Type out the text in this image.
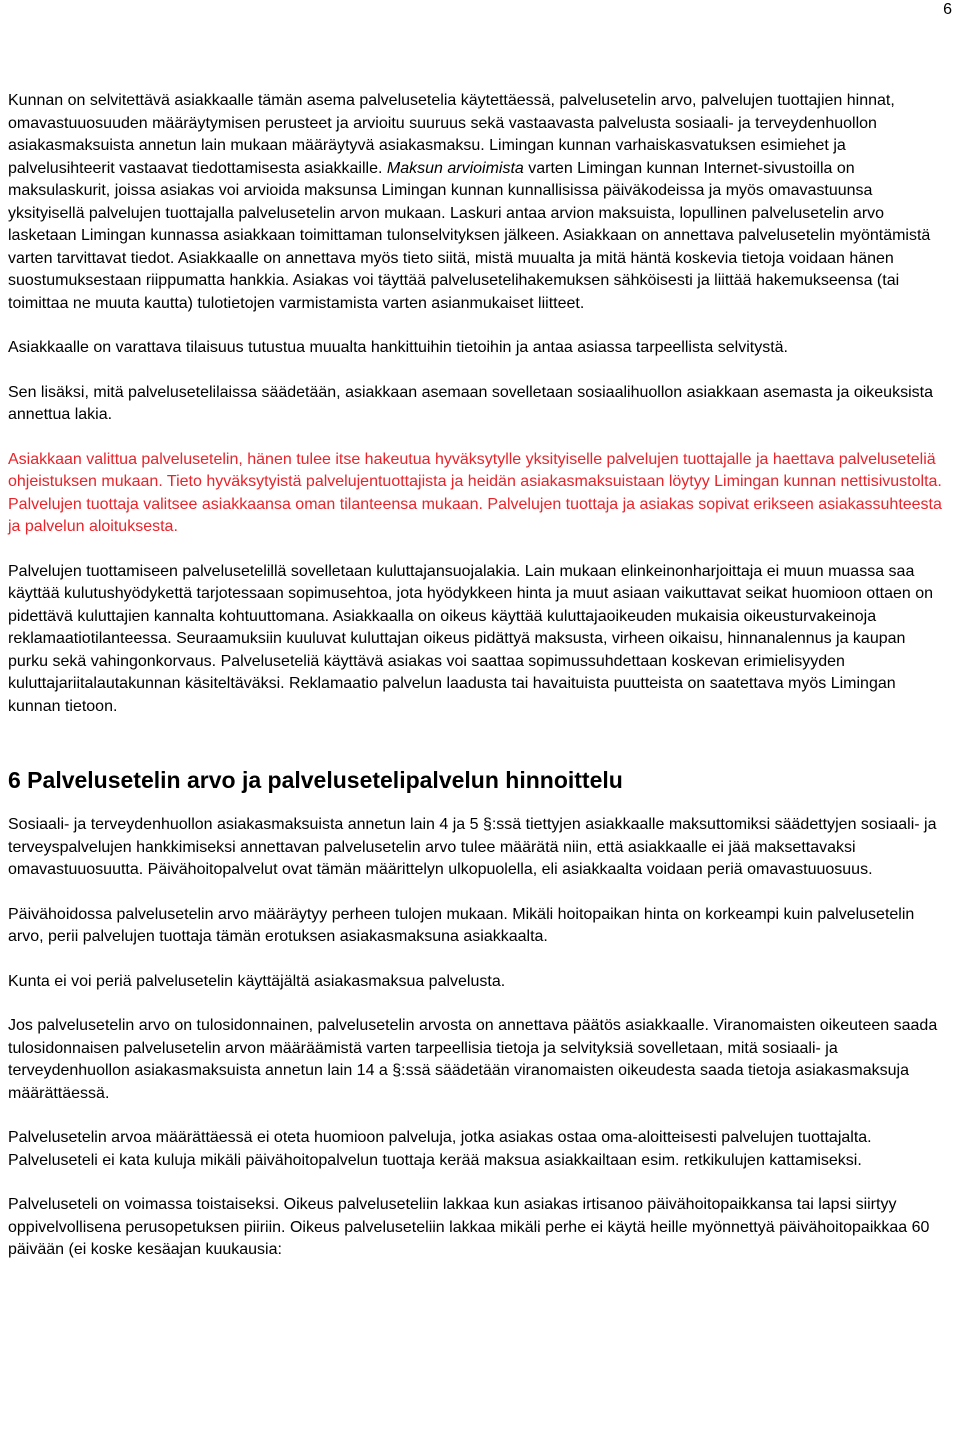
6

Kunnan on selvitettävä asiakkaalle tämän asema palvelusetelia käytettäessä, palvelusetelin arvo, palvelujen tuottajien hinnat, omavastuuosuuden määräytymisen perusteet ja arvioitu suuruus sekä vastaavasta palvelusta sosiaali- ja terveydenhuollon asiakasmaksuista annetun lain mukaan määräytyvä asiakasmaksu. Limingan kunnan varhaiskasvatuksen esimiehet ja palvelusihteerit vastaavat tiedottamisesta asiakkaille. Maksun arvioimista varten Limingan kunnan Internet-sivustoilla on maksulaskurit, joissa asiakas voi arvioida maksunsa Limingan kunnan kunnallisissa päiväkodeissa ja myös omavastuunsa yksityisellä palvelujen tuottajalla palvelusetelin arvon mukaan. Laskuri antaa arvion maksuista, lopullinen palvelusetelin arvo lasketaan Limingan kunnassa asiakkaan toimittaman tulonselvityksen jälkeen. Asiakkaan on annettava palvelusetelin myöntämistä varten tarvittavat tiedot. Asiakkaalle on annettava myös tieto siitä, mistä muualta ja mitä häntä koskevia tietoja voidaan hänen suostumuksestaan riippumatta hankkia. Asiakas voi täyttää palvelusetelihakemuksen sähköisesti ja liittää hakemukseensa (tai toimittaa ne muuta kautta) tulotietojen varmistamista varten asianmukaiset liitteet.

Asiakkaalle on varattava tilaisuus tutustua muualta hankittuihin tietoihin ja antaa asiassa tarpeellista selvitystä.

Sen lisäksi, mitä palvelusetelilaissa säädetään, asiakkaan asemaan sovelletaan sosiaalihuollon asiakkaan asemasta ja oikeuksista annettua lakia.

Asiakkaan valittua palvelusetelin, hänen tulee itse hakeutua hyväksytylle yksityiselle palvelujen tuottajalle ja haettava palveluseteliä ohjeistuksen mukaan. Tieto hyväksytyistä palvelujentuottajista ja heidän asiakasmaksuistaan löytyy Limingan kunnan nettisivustolta. Palvelujen tuottaja valitsee asiakkaansa oman tilanteensa mukaan. Palvelujen tuottaja ja asiakas sopivat erikseen asiakassuhteesta ja palvelun aloituksesta.

Palvelujen tuottamiseen palvelusetelillä sovelletaan kuluttajansuojalakia. Lain mukaan elinkeinonharjoittaja ei muun muassa saa käyttää kulutushyödykettä tarjotessaan sopimusehtoa, jota hyödykkeen hinta ja muut asiaan vaikuttavat seikat huomioon ottaen on pidettävä kuluttajien kannalta kohtuuttomana. Asiakkaalla on oikeus käyttää kuluttajaoikeuden mukaisia oikeusturvakeinoja reklamaatiotilanteessa. Seuraamuksiin kuuluvat kuluttajan oikeus pidättyä maksusta, virheen oikaisu, hinnanalennus ja kaupan purku sekä vahingonkorvaus. Palveluseteliä käyttävä asiakas voi saattaa sopimussuhdettaan koskevan erimielisyyden kuluttajariitalautakunnan käsiteltäväksi. Reklamaatio palvelun laadusta tai havaituista puutteista on saatettava myös Limingan kunnan tietoon.

6 Palvelusetelin arvo ja palvelusetelipalvelun hinnoittelu

Sosiaali- ja terveydenhuollon asiakasmaksuista annetun lain 4 ja 5 §:ssä tiettyjen asiakkaalle maksuttomiksi säädettyjen sosiaali- ja terveyspalvelujen hankkimiseksi annettavan palvelusetelin arvo tulee määrätä niin, että asiakkaalle ei jää maksettavaksi omavastuuosuutta. Päivähoitopalvelut ovat tämän määrittelyn ulkopuolella, eli asiakkaalta voidaan periä omavastuuosuus.

Päivähoidossa palvelusetelin arvo määräytyy perheen tulojen mukaan. Mikäli hoitopaikan hinta on korkeampi kuin palvelusetelin arvo, perii palvelujen tuottaja tämän erotuksen asiakasmaksuna asiakkaalta.

Kunta ei voi periä palvelusetelin käyttäjältä asiakasmaksua palvelusta.

Jos palvelusetelin arvo on tulosidonnainen, palvelusetelin arvosta on annettava päätös asiakkaalle. Viranomaisten oikeuteen saada tulosidonnaisen palvelusetelin arvon määräämistä varten tarpeellisia tietoja ja selvityksiä sovelletaan, mitä sosiaali- ja terveydenhuollon asiakasmaksuista annetun lain 14 a §:ssä säädetään viranomaisten oikeudesta saada tietoja asiakasmaksuja määrättäessä.

Palvelusetelin arvoa määrättäessä ei oteta huomioon palveluja, jotka asiakas ostaa oma-aloitteisesti palvelujen tuottajalta. Palveluseteli ei kata kuluja mikäli päivähoitopalvelun tuottaja kerää maksua asiakkailtaan esim. retkikulujen kattamiseksi.

Palveluseteli on voimassa toistaiseksi. Oikeus palveluseteliin lakkaa kun asiakas irtisanoo päivähoitopaikkansa tai lapsi siirtyy oppivelvollisena perusopetuksen piiriin. Oikeus palveluseteliin lakkaa mikäli perhe ei käytä heille myönnettyä päivähoitopaikkaa 60 päivään (ei koske kesäajan kuukausia:
